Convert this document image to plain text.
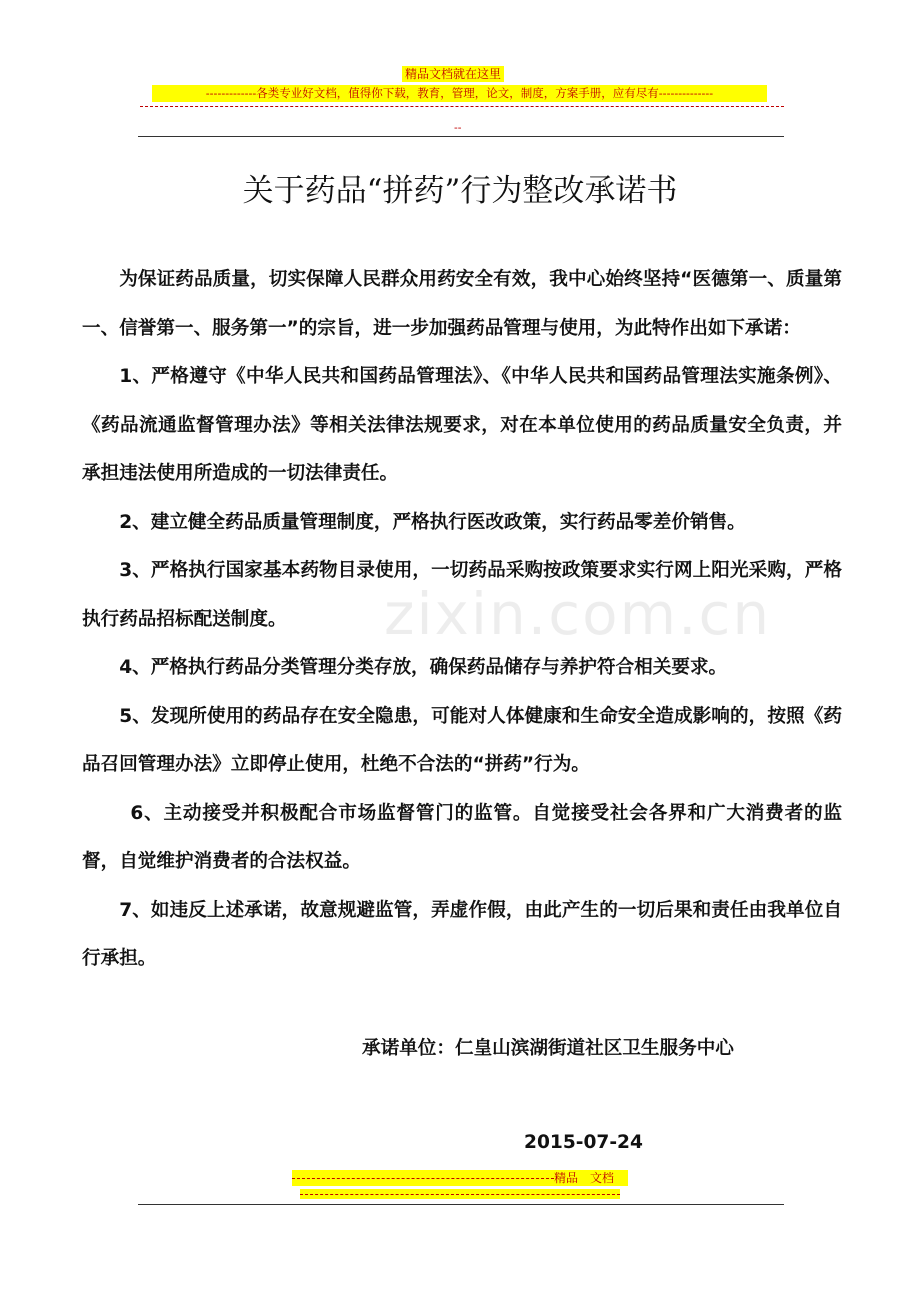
精品文档就在这里
-------------各类专业好文档，值得你下载，教育，管理，论文，制度，方案手册，应有尽有--------------
--
zixin.com.cn
关于药品“拼药”行为整改承诺书

为保证药品质量，切实保障人民群众用药安全有效，我中心始终坚持“医德第一、质量第一、信誉第一、服务第一”的宗旨，进一步加强药品管理与使用，为此特作出如下承诺：

1、严格遵守《中华人民共和国药品管理法》、《中华人民共和国药品管理法实施条例》、《药品流通监督管理办法》等相关法律法规要求，对在本单位使用的药品质量安全负责，并承担违法使用所造成的一切法律责任。

2、建立健全药品质量管理制度，严格执行医改政策，实行药品零差价销售。

3、严格执行国家基本药物目录使用，一切药品采购按政策要求实行网上阳光采购，严格执行药品招标配送制度。

4、严格执行药品分类管理分类存放，确保药品储存与养护符合相关要求。

5、发现所使用的药品存在安全隐患，可能对人体健康和生命安全造成影响的，按照《药品召回管理办法》立即停止使用，杜绝不合法的“拼药”行为。

6、主动接受并积极配合市场监督管门的监管。自觉接受社会各界和广大消费者的监督，自觉维护消费者的合法权益。

7、如违反上述承诺，故意规避监管，弄虚作假，由此产生的一切后果和责任由我单位自行承担。

承诺单位：仁皇山滨湖街道社区卫生服务中心
2015-07-24
精品　文档
